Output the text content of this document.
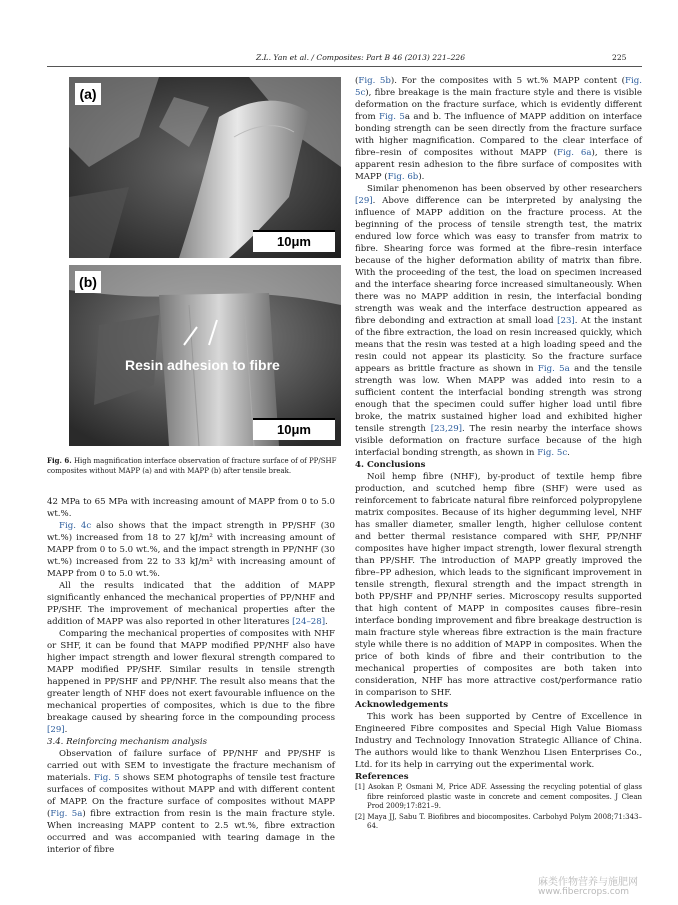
Z.L. Yan et al. / Composites: Part B 46 (2013) 221–226	225
(a)
10μm
(b)
Resin adhesion to fibre
10μm
Fig. 6. High magnification interface observation of fracture surface of of PP/SHF composites without MAPP (a) and with MAPP (b) after tensile break.

42 MPa to 65 MPa with increasing amount of MAPP from 0 to 5.0 wt.%.

Fig. 4c also shows that the impact strength in PP/SHF (30 wt.%) increased from 18 to 27 kJ/m² with increasing amount of MAPP from 0 to 5.0 wt.%, and the impact strength in PP/NHF (30 wt.%) increased from 22 to 33 kJ/m² with increasing amount of MAPP from 0 to 5.0 wt.%.

All the results indicated that the addition of MAPP significantly enhanced the mechanical properties of PP/NHF and PP/SHF. The improvement of mechanical properties after the addition of MAPP was also reported in other literatures [24–28].

Comparing the mechanical properties of composites with NHF or SHF, it can be found that MAPP modified PP/NHF also have higher impact strength and lower flexural strength compared to MAPP modified PP/SHF. Similar results in tensile strength happened in PP/SHF and PP/NHF. The result also means that the greater length of NHF does not exert favourable influence on the mechanical properties of composites, which is due to the fibre breakage caused by shearing force in the compounding process [29].

3.4. Reinforcing mechanism analysis

Observation of failure surface of PP/NHF and PP/SHF is carried out with SEM to investigate the fracture mechanism of materials. Fig. 5 shows SEM photographs of tensile test fracture surfaces of composites without MAPP and with different content of MAPP. On the fracture surface of composites without MAPP (Fig. 5a) fibre extraction from resin is the main fracture style. When increasing MAPP content to 2.5 wt.%, fibre extraction occurred and was accompanied with tearing damage in the interior of fibre

(Fig. 5b). For the composites with 5 wt.% MAPP content (Fig. 5c), fibre breakage is the main fracture style and there is visible deformation on the fracture surface, which is evidently different from Fig. 5a and b. The influence of MAPP addition on interface bonding strength can be seen directly from the fracture surface with higher magnification. Compared to the clear interface of fibre–resin of composites without MAPP (Fig. 6a), there is apparent resin adhesion to the fibre surface of composites with MAPP (Fig. 6b).

Similar phenomenon has been observed by other researchers [29]. Above difference can be interpreted by analysing the influence of MAPP addition on the fracture process. At the beginning of the process of tensile strength test, the matrix endured low force which was easy to transfer from matrix to fibre. Shearing force was formed at the fibre–resin interface because of the higher deformation ability of matrix than fibre. With the proceeding of the test, the load on specimen increased and the interface shearing force increased simultaneously. When there was no MAPP addition in resin, the interfacial bonding strength was weak and the interface destruction appeared as fibre debonding and extraction at small load [23]. At the instant of the fibre extraction, the load on resin increased quickly, which means that the resin was tested at a high loading speed and the resin could not appear its plasticity. So the fracture surface appears as brittle fracture as shown in Fig. 5a and the tensile strength was low. When MAPP was added into resin to a sufficient content the interfacial bonding strength was strong enough that the specimen could suffer higher load until fibre broke, the matrix sustained higher load and exhibited higher tensile strength [23,29]. The resin nearby the interface shows visible deformation on fracture surface because of the high interfacial bonding strength, as shown in Fig. 5c.

4. Conclusions

Noil hemp fibre (NHF), by-product of textile hemp fibre production, and scutched hemp fibre (SHF) were used as reinforcement to fabricate natural fibre reinforced polypropylene matrix composites. Because of its higher degumming level, NHF has smaller diameter, smaller length, higher cellulose content and better thermal resistance compared with SHF, PP/NHF composites have higher impact strength, lower flexural strength than PP/SHF. The introduction of MAPP greatly improved the fibre–PP adhesion, which leads to the significant improvement in tensile strength, flexural strength and the impact strength in both PP/SHF and PP/NHF series. Microscopy results supported that high content of MAPP in composites causes fibre–resin interface bonding improvement and fibre breakage destruction is main fracture style whereas fibre extraction is the main fracture style while there is no addition of MAPP in composites. When the price of both kinds of fibre and their contribution to the mechanical properties of composites are both taken into consideration, NHF has more attractive cost/performance ratio in comparison to SHF.

Acknowledgements

This work has been supported by Centre of Excellence in Engineered Fibre composites and Special High Value Biomass Industry and Technology Innovation Strategic Alliance of China. The authors would like to thank Wenzhou Lisen Enterprises Co., Ltd. for its help in carrying out the experimental work.

References

[1] Asokan P, Osmani M, Price ADF. Assessing the recycling potential of glass fibre reinforced plastic waste in concrete and cement composites. J Clean Prod 2009;17:821–9.

[2] Maya JJ, Sabu T. Biofibres and biocomposites. Carbohyd Polym 2008;71:343–64.

麻类作物营养与施肥网
www.fibercrops.com
